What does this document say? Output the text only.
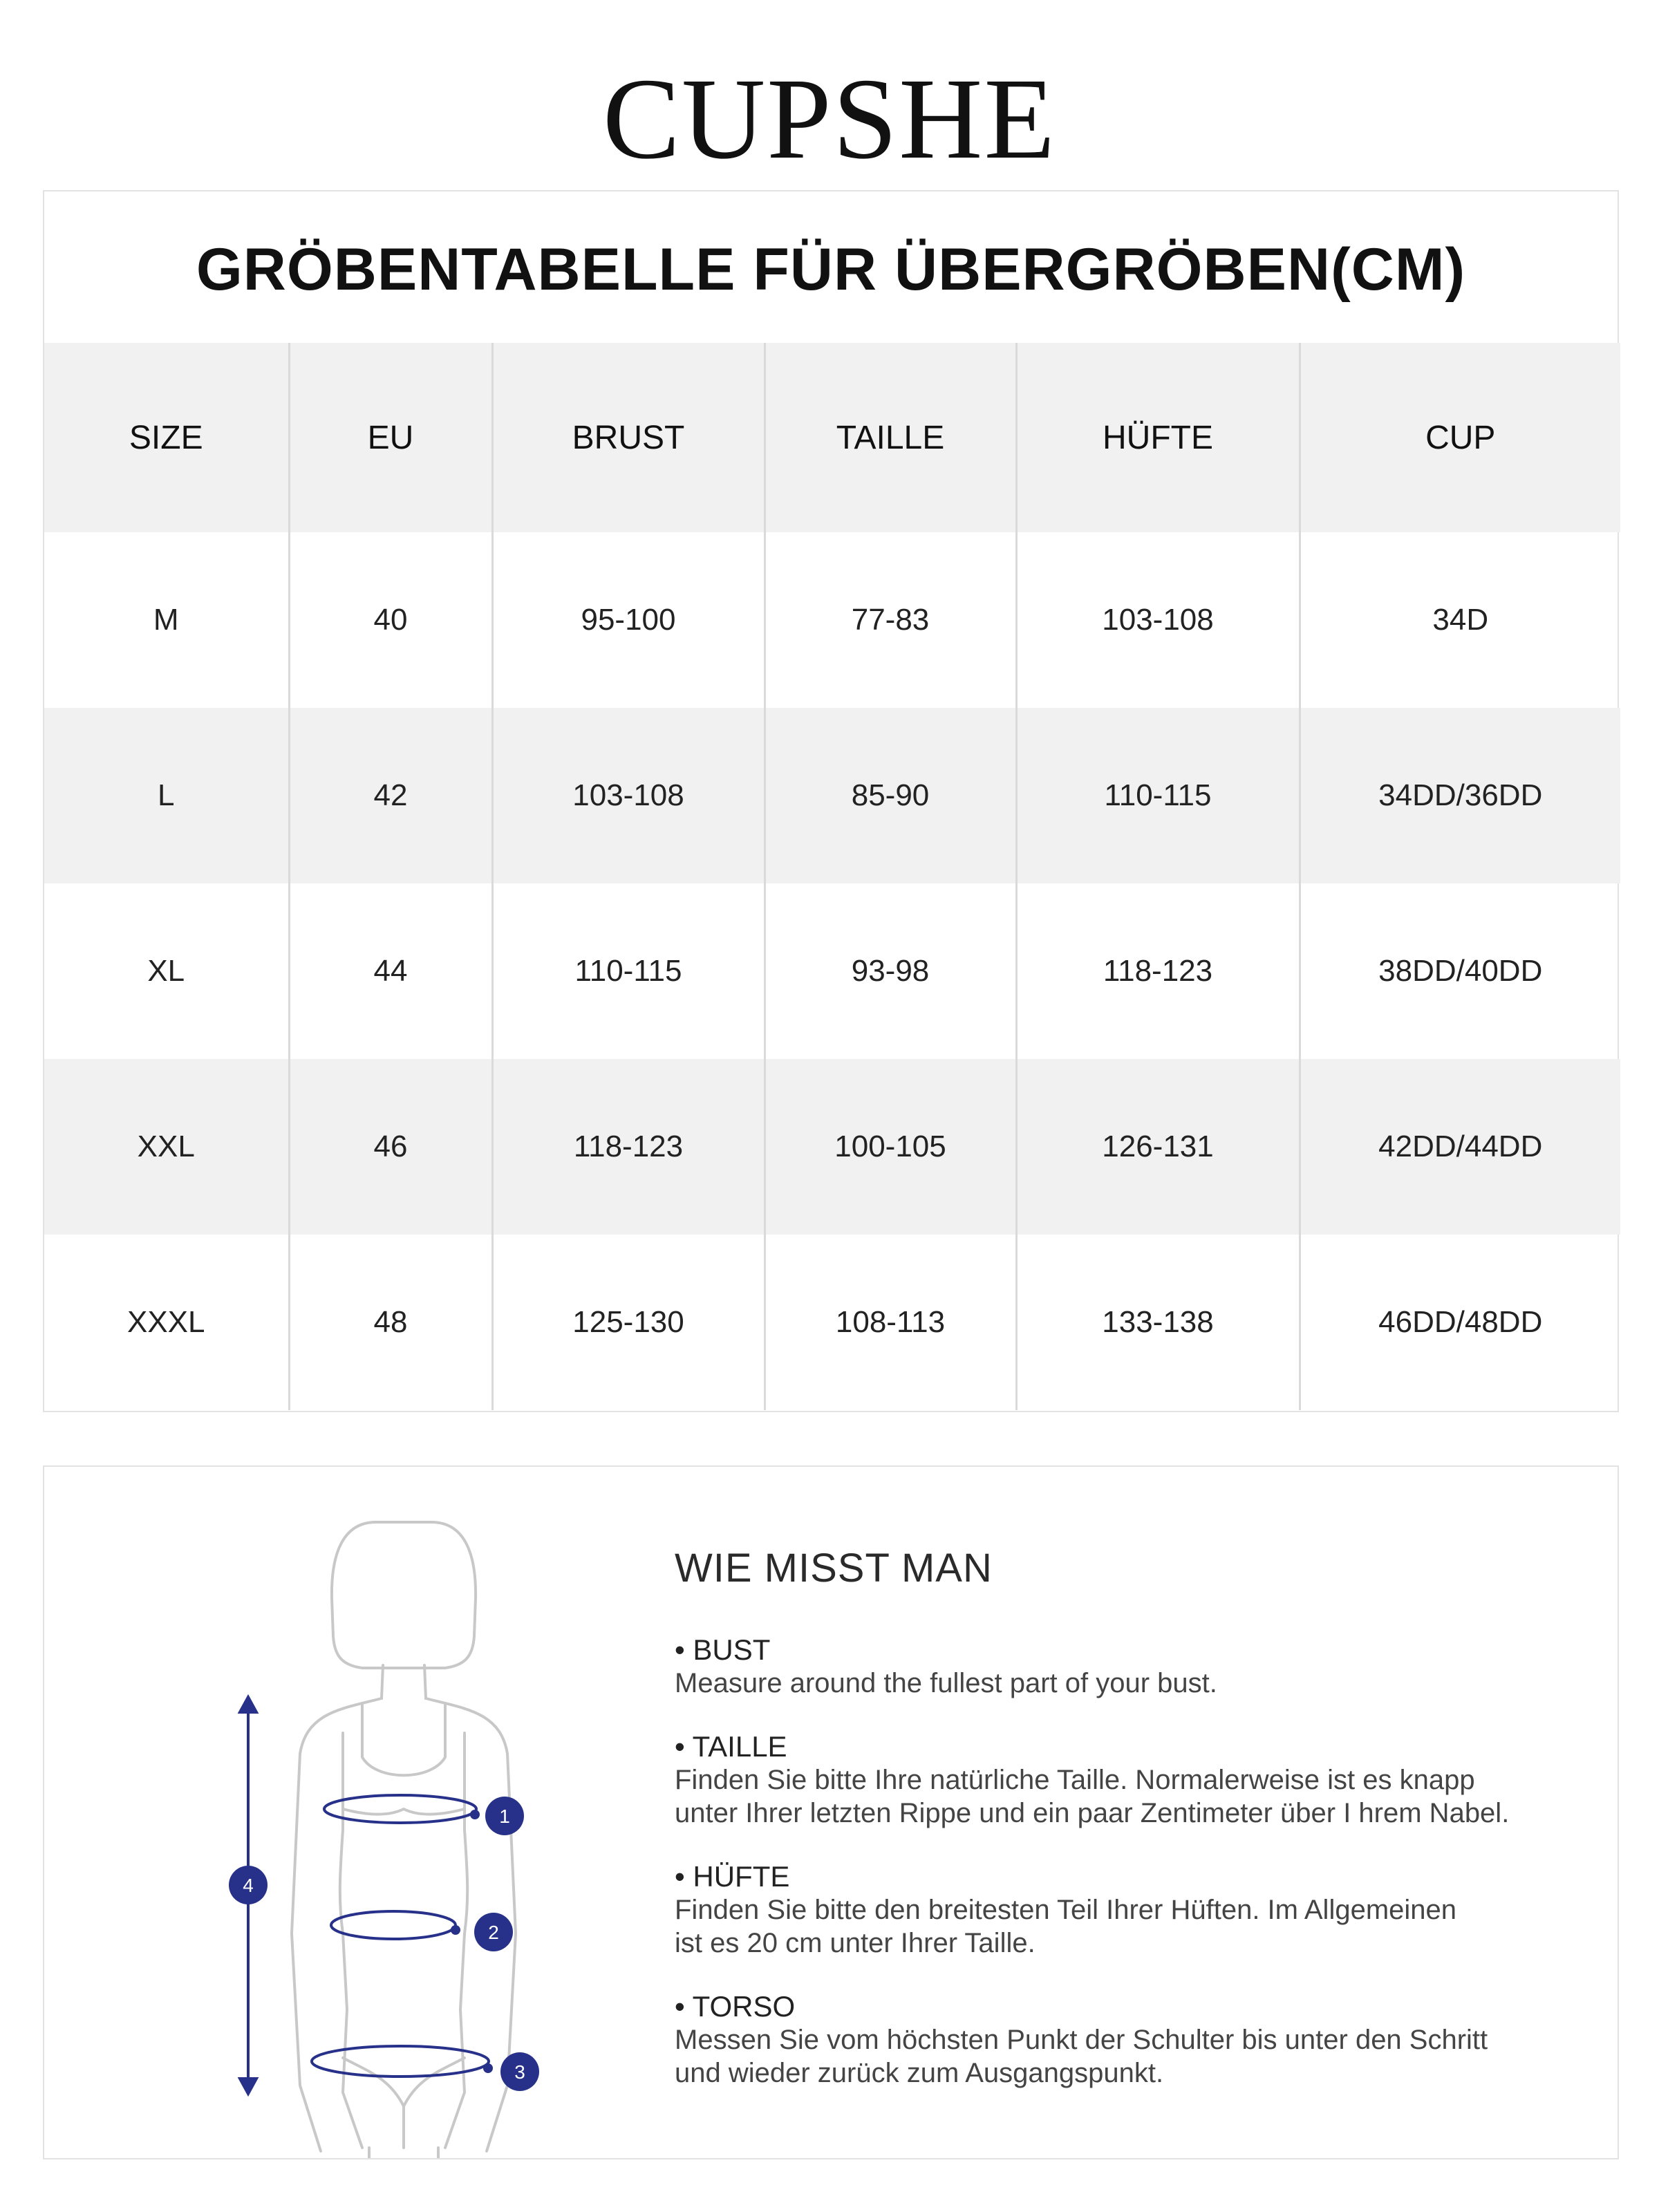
CUPSHE
GRÖBENTABELLE FÜR ÜBERGRÖBEN(CM)
SIZE	EU	BRUST	TAILLE	HÜFTE	CUP
M	40	95-100	77-83	103-108	34D
L	42	103-108	85-90	110-115	34DD/36DD
XL	44	110-115	93-98	118-123	38DD/40DD
XXL	46	118-123	100-105	126-131	42DD/44DD
XXXL	48	125-130	108-113	133-138	46DD/48DD
1
2
3
4
WIE MISST MAN
• BUST
Measure around the fullest part of your bust.
• TAILLE
Finden Sie bitte Ihre natürliche Taille. Normalerweise ist es knapp
unter Ihrer letzten Rippe und ein paar Zentimeter über I hrem Nabel.
• HÜFTE
Finden Sie bitte den breitesten Teil Ihrer Hüften. Im Allgemeinen
ist es 20 cm unter Ihrer Taille.
• TORSO
Messen Sie vom höchsten Punkt der Schulter bis unter den Schritt
und wieder zurück zum Ausgangspunkt.
